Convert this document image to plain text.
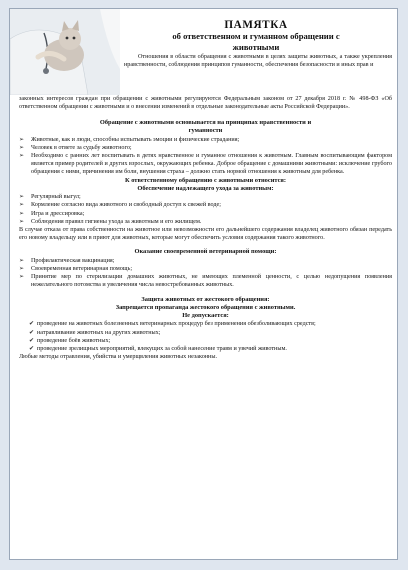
ПАМЯТКА
об ответственном и гуманном обращении с
животными
Отношения в области обращения с животными в целях защиты животных, а также укрепления нравственности, соблюдения принципов гуманности, обеспечения безопасности и иных прав и
законных интересов граждан при обращении с животными регулируются Федеральным законом от 27 декабря 2018 г. № 498-ФЗ «Об ответственном обращении с животными и о внесении изменений в отдельные законодательные акты Российской Федерации».
Обращение с животными основывается на принципах нравственности и
гуманности
➢	Животные, как и люди, способны испытывать эмоции и физические страдания;
➢	Человек в ответе за судьбу животного;
➢	Необходимо с ранних лет воспитывать в детях нравственное и гуманное отношения к животным. Главным воспитывающим фактором является пример родителей и других взрослых, окружающих ребенка. Доброе обращение с домашними животными: исключение грубого обращения с ними, причинения им боли, внушения страха – должно стать нормой отношения к животным для ребенка.
К ответственному обращению с животными относится:
Обеспечение надлежащего ухода за животным:
➢	Регулярный выгул;
➢	Кормление согласно вида животного и свободный доступ к свежей воде;
➢	Игра и дрессировка;
➢	Соблюдения правил гигиены ухода за животным и его жилищем.
В случае отказа от права собственности на животное или невозможности его дальнейшего содержания владелец животного обязан передать его новому владельцу или в приют для животных, которые могут обеспечить условия содержания такого животного.
Оказание своевременной ветеринарной помощи:
➢	Профилактическая вакцинация;
➢	Своевременная ветеринарная помощь;
➢	Принятие мер по стерилизации домашних животных, не имеющих племенной ценности, с целью недопущения появления нежелательного потомства и увеличения числа невостребованных животных.
Защита животных от жестокого обращения:
Запрещается пропаганда жестокого обращения с животными.
Не допускается:
✔ проведение на животных болезненных ветеринарных процедур без применения обезболивающих средств;
✔ натравливание животных на других животных;
✔ проведение боёв животных;
✔ проведение зрелищных мероприятий, влекущих за собой нанесение травм и увечий животным.
Любые методы отравления, убийства и умерщвления животных незаконны.
